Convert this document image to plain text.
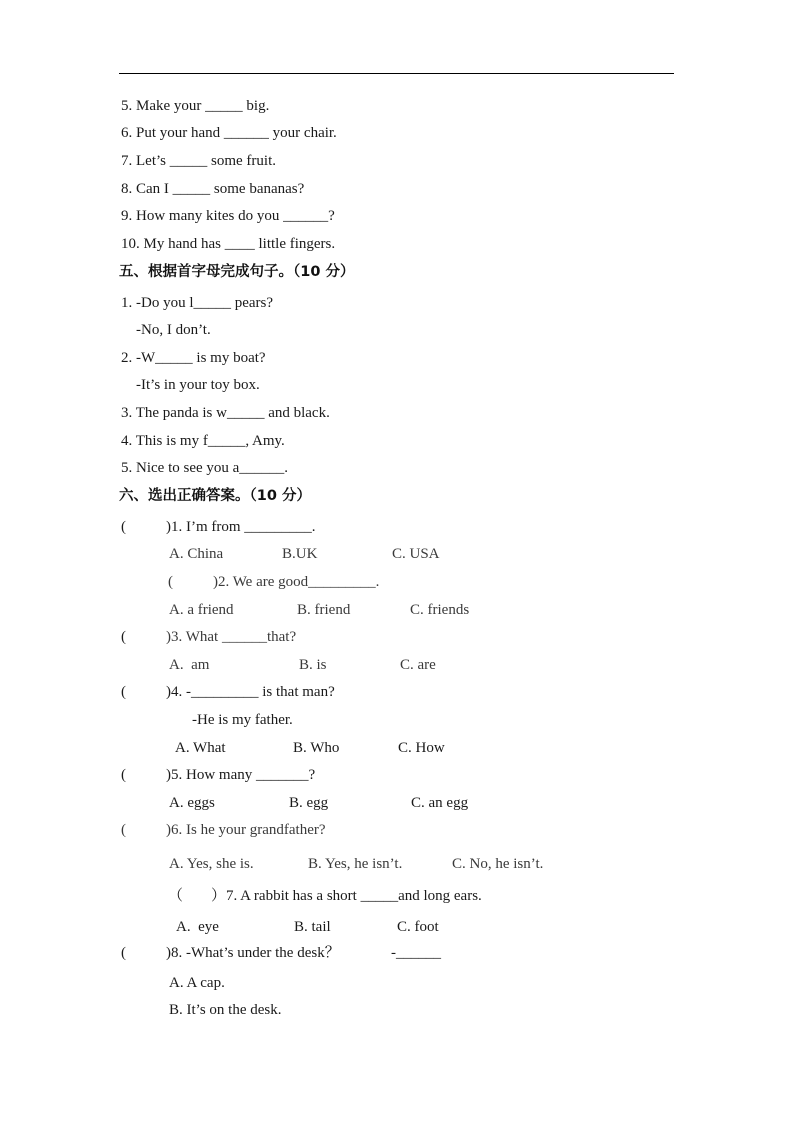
5. Make your _____ big.
6. Put your hand ______ your chair.
7. Let’s _____ some fruit.
8. Can I _____ some bananas?
9. How many kites do you ______?
10. My hand has ____ little fingers.
五、根据首字母完成句子。（10 分）
1. -Do you l_____ pears?
-No, I don’t.
2. -W_____ is my boat?
-It’s in your toy box.
3. The panda is w_____ and black.
4. This is my f_____, Amy.
5. Nice to see you a______.
六、选出正确答案。（10 分）
(	)1. I’m from _________.
A. China	B.UK	C. USA
(	)2. We are good_________.
A. a friend	B. friend	C. friends
(	)3. What ______that?
A.  am	B. is	C. are
(	)4. -_________ is that man?
-He is my father.
A. What	B. Who	C. How
(	)5. How many _______?
A. eggs	B. egg	C. an egg
(	)6. Is he your grandfather?
A. Yes, she is.	B. Yes, he isn’t.	C. No, he isn’t.
（ ）7. A rabbit has a short _____and long ears.
A.  eye	B. tail	C. foot
(	)8. -What’s under the desk？	-______
A. A cap.
B. It’s on the desk.
